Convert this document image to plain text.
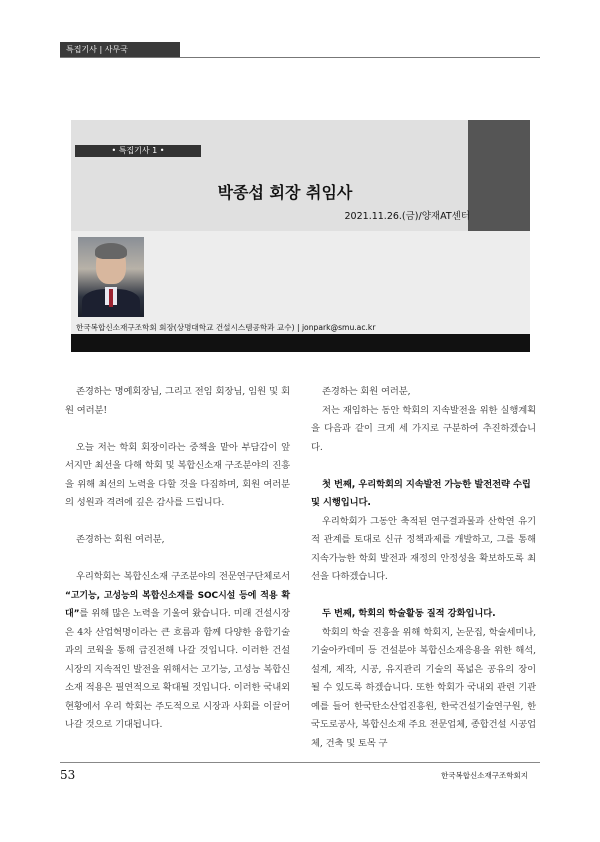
특집기사 | 사무국
• 특집기사 1 •
박종섭 회장 취임사
2021.11.26.(금)/양재AT센터
한국복합신소재구조학회 회장(상명대학교 건설시스템공학과 교수) | jonpark@smu.ac.kr

존경하는 명예회장님, 그리고 전임 회장님, 임원 및 회원 여러분!

오늘 저는 학회 회장이라는 중책을 맡아 부담감이 앞서지만 최선을 다해 학회 및 복합신소재 구조분야의 진흥을 위해 최선의 노력을 다할 것을 다짐하며, 회원 여러분의 성원과 격려에 깊은 감사를 드립니다.

존경하는 회원 여러분,

우리학회는 복합신소재 구조분야의 전문연구단체로서 “고기능, 고성능의 복합신소재를 SOC시설 등에 적용 확대”를 위해 많은 노력을 기울여 왔습니다. 미래 건설시장은 4차 산업혁명이라는 큰 흐름과 함께 다양한 융합기술과의 코웍을 통해 급진전해 나갈 것입니다. 이러한 건설시장의 지속적인 발전을 위해서는 고기능, 고성능 복합신소재 적용은 필연적으로 확대될 것입니다. 이러한 국내외 현황에서 우리 학회는 주도적으로 시장과 사회를 이끌어 나갈 것으로 기대됩니다.

존경하는 회원 여러분,

저는 재임하는 동안 학회의 지속발전을 위한 실행계획을 다음과 같이 크게 세 가지로 구분하여 추진하겠습니다.

첫 번째, 우리학회의 지속발전 가능한 발전전략 수립 및 시행입니다.

우리학회가 그동안 축적된 연구결과물과 산학연 유기적 관계를 토대로 신규 정책과제를 개발하고, 그를 통해 지속가능한 학회 발전과 재정의 안정성을 확보하도록 최선을 다하겠습니다.

두 번째, 학회의 학술활동 질적 강화입니다.

학회의 학술 진흥을 위해 학회지, 논문집, 학술세미나, 기술아카데미 등 건설분야 복합신소재응용을 위한 해석, 설계, 제작, 시공, 유지관리 기술의 폭넓은 공유의 장이 될 수 있도록 하겠습니다. 또한 학회가 국내외 관련 기관 예를 들어 한국탄소산업진흥원, 한국건설기술연구원, 한국도로공사, 복합신소재 주요 전문업체, 종합건설 시공업체, 건축 및 토목 구

53	한국복합신소재구조학회지
